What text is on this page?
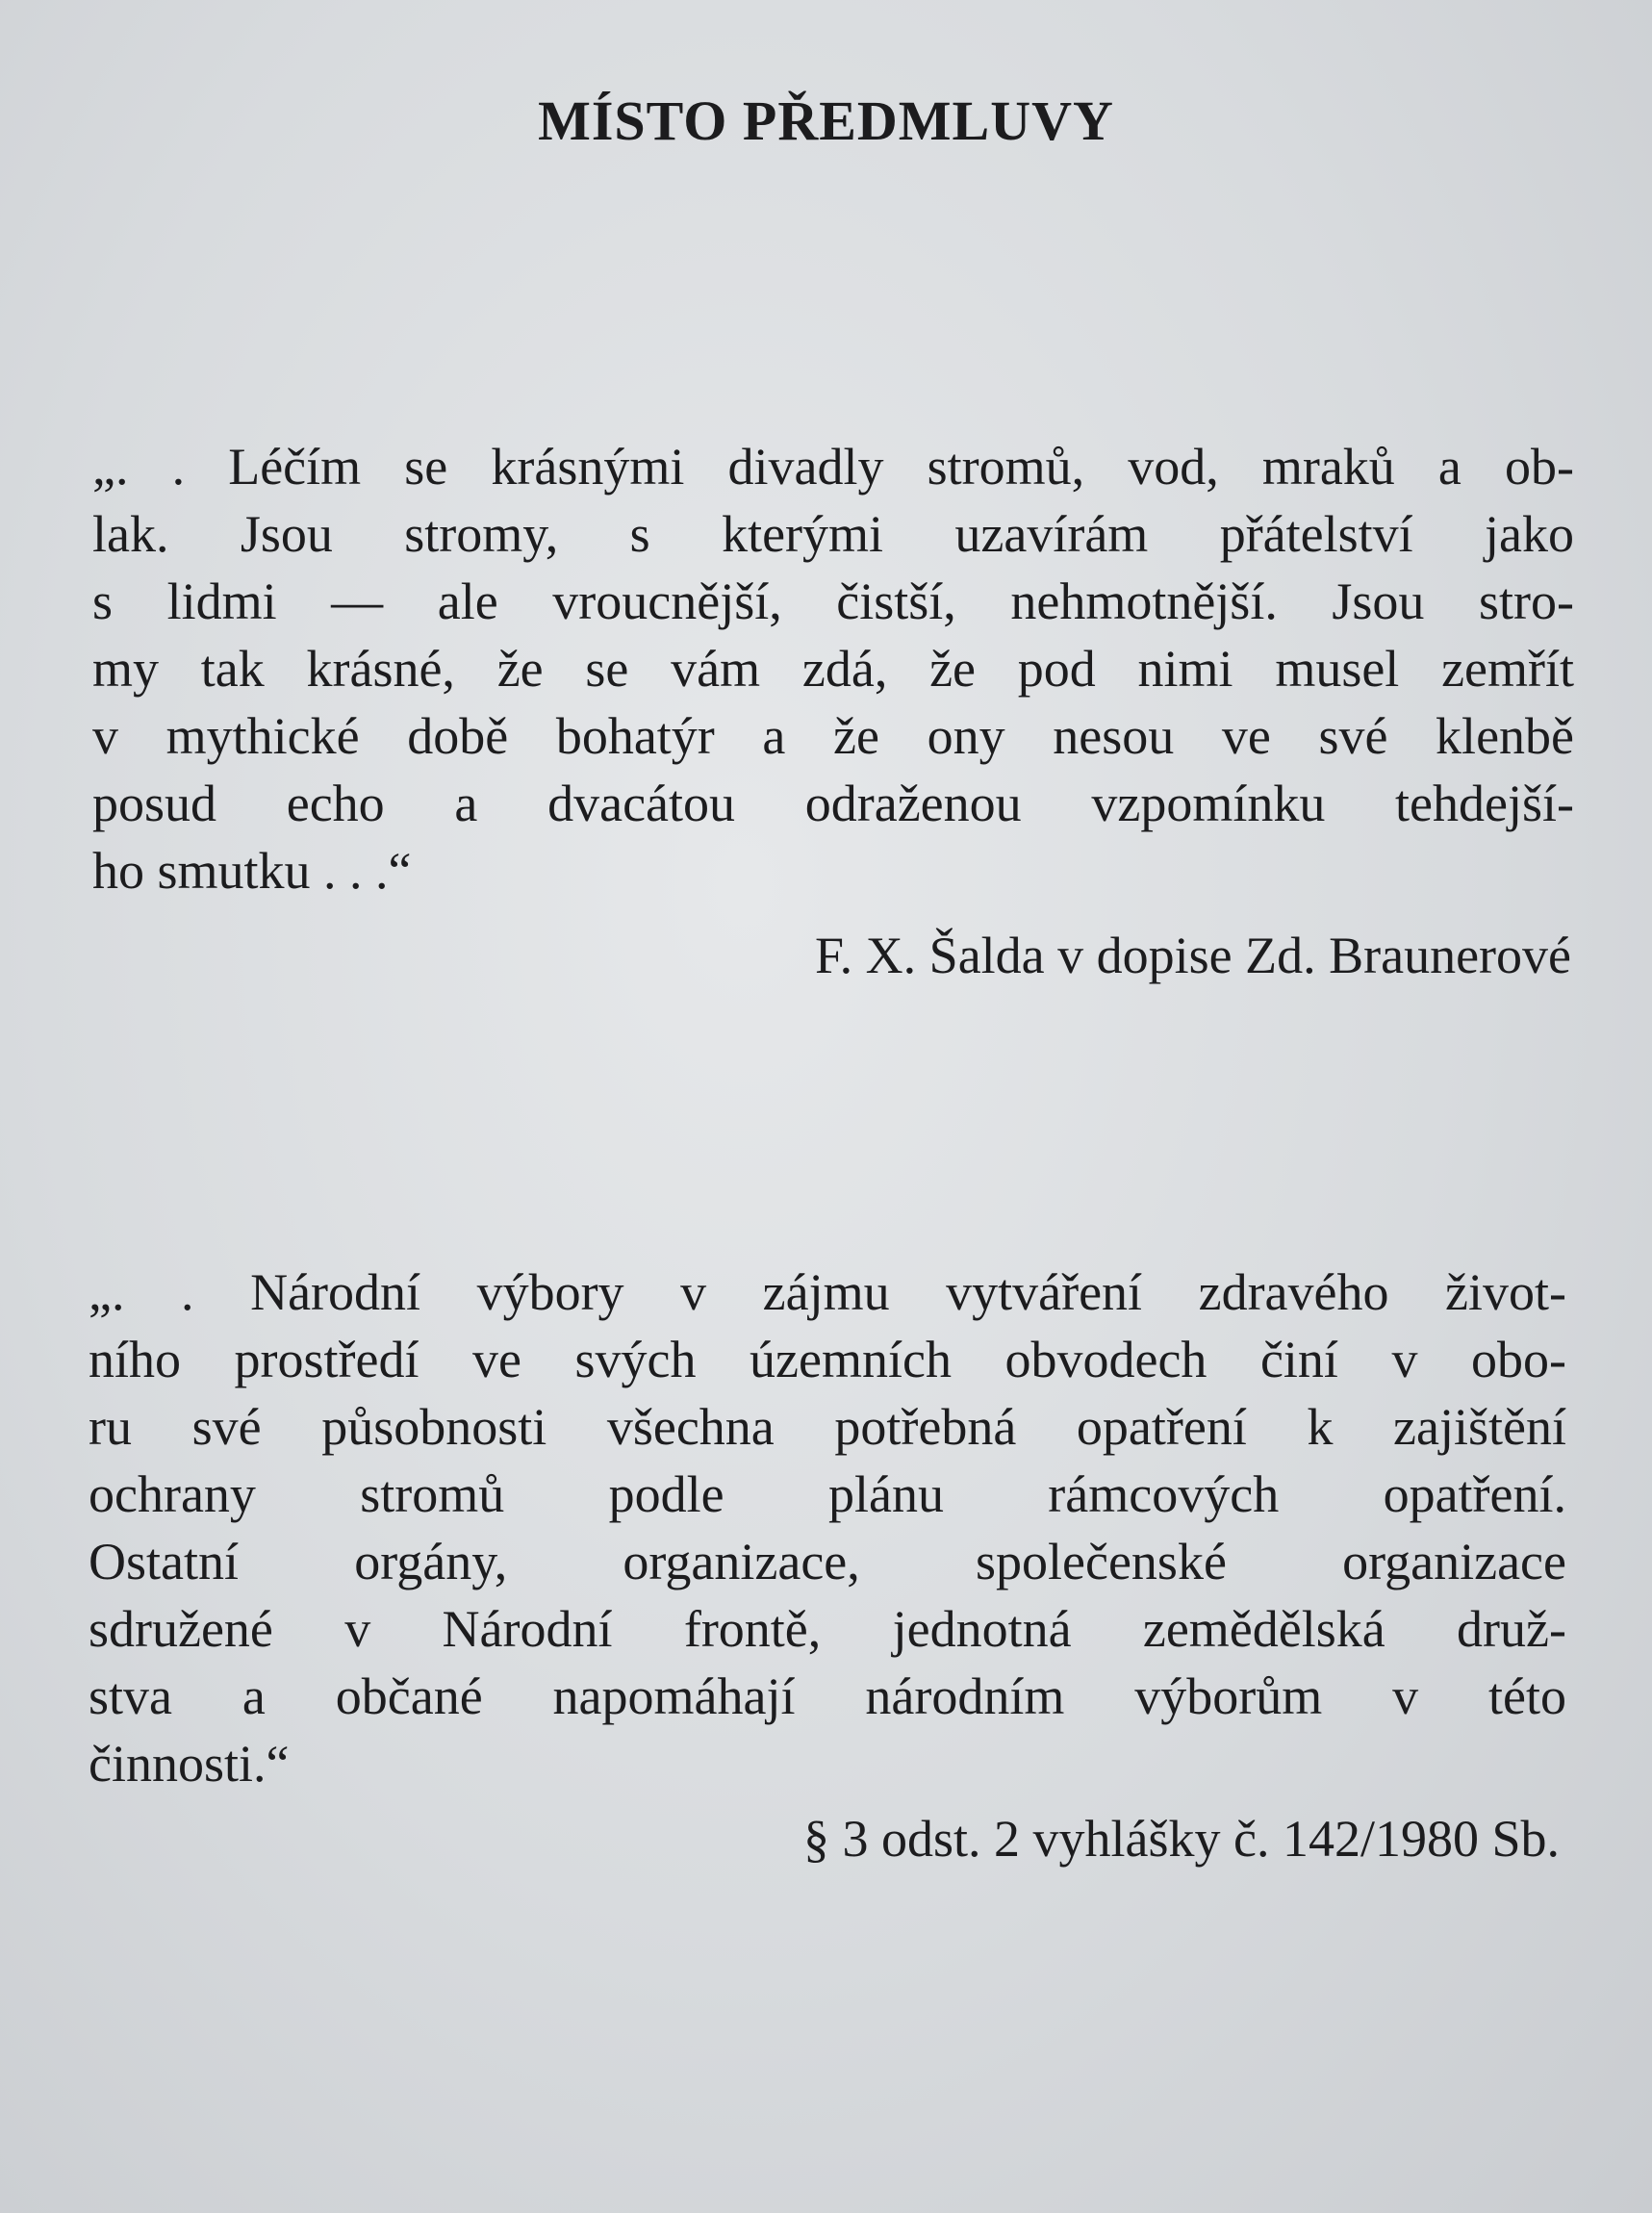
MÍSTO PŘEDMLUVY
„. . Léčím se krásnými divadly stromů, vod, mraků a ob-
lak. Jsou stromy, s kterými uzavírám přátelství jako
s lidmi — ale vroucnější, čistší, nehmotnější. Jsou stro-
my tak krásné, že se vám zdá, že pod nimi musel zemřít
v mythické době bohatýr a že ony nesou ve své klenbě
posud echo a dvacátou odraženou vzpomínku tehdejší-
ho smutku . . .“
F. X. Šalda v dopise Zd. Braunerové
„. . Národní výbory v zájmu vytváření zdravého život-
ního prostředí ve svých územních obvodech činí v obo-
ru své působnosti všechna potřebná opatření k zajištění
ochrany stromů podle plánu rámcových opatření.
Ostatní orgány, organizace, společenské organizace
sdružené v Národní frontě, jednotná zemědělská druž-
stva a občané napomáhají národním výborům v této
činnosti.“
§ 3 odst. 2 vyhlášky č. 142/1980 Sb.
